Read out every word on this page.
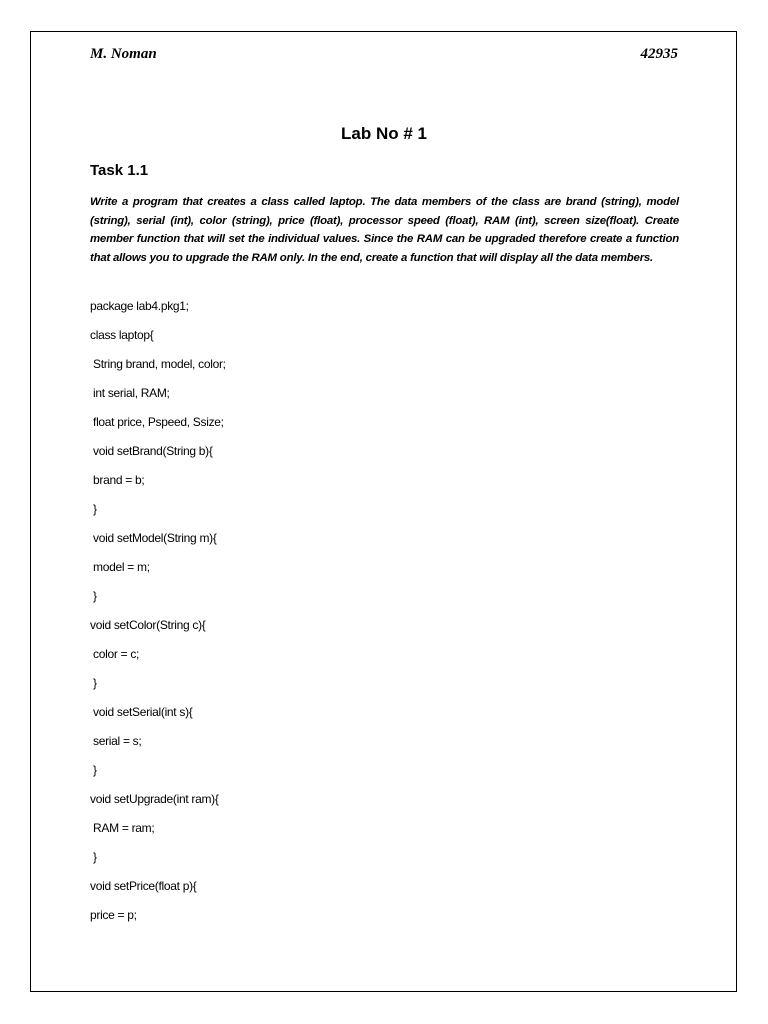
M. Noman	42935
Lab No # 1
Task 1.1
Write a program that creates a class called laptop. The data members of the class are brand (string), model (string), serial (int), color (string), price (float), processor speed (float), RAM (int), screen size(float). Create member function that will set the individual values. Since the RAM can be upgraded therefore create a function that allows you to upgrade the RAM only. In the end, create a function that will display all the data members.
package lab4.pkg1;
class laptop{
String brand, model, color;
int serial, RAM;
float price, Pspeed, Ssize;
void setBrand(String b){
brand = b;
}
void setModel(String m){
model = m;
}
void setColor(String c){
color = c;
}
void setSerial(int s){
serial = s;
}
void setUpgrade(int ram){
RAM = ram;
}
void setPrice(float p){
price = p;
